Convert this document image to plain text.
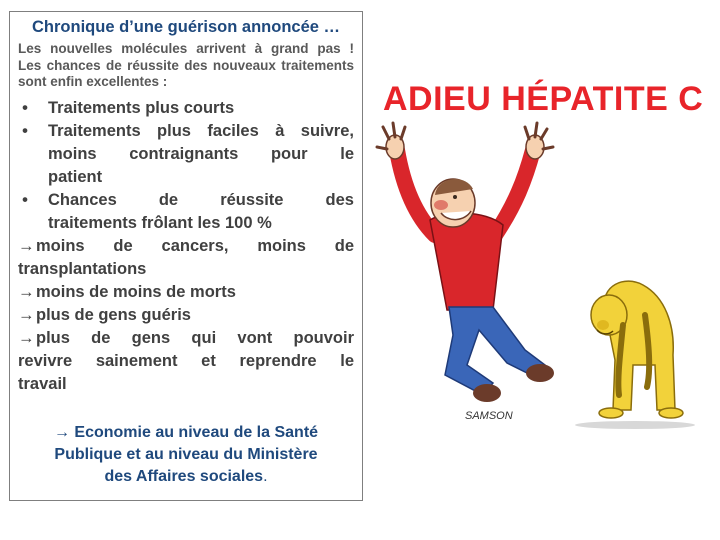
Chronique d’une guérison annoncée …

Les nouvelles molécules arrivent à grand pas !
Les chances de réussite des nouveaux traitements
sont enfin excellentes :

• Traitements plus courts
• Traitements plus faciles à suivre,
moins contraignants pour le
patient
• Chances de réussite des
traitements frôlant les 100 %
→moins de cancers, moins de
transplantations
→moins de moins de morts
→plus de gens guéris
→plus de gens qui vont pouvoir
revivre sainement et reprendre le
travail
→ Economie au niveau de la Santé
Publique et au niveau du Ministère
des Affaires sociales.
ADIEU HÉPATITE C
SAMSON
